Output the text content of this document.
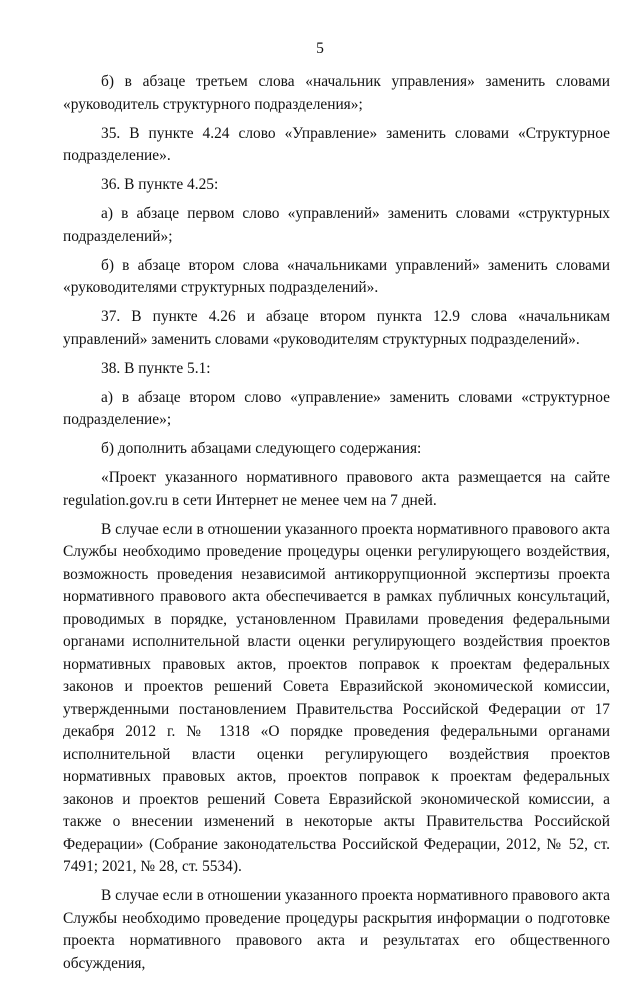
5

б) в абзаце третьем слова «начальник управления» заменить словами «руководитель структурного подразделения»;

35. В пункте 4.24 слово «Управление» заменить словами «Структурное подразделение».

36. В пункте 4.25:

а) в абзаце первом слово «управлений» заменить словами «структурных подразделений»;

б) в абзаце втором слова «начальниками управлений» заменить словами «руководителями структурных подразделений».

37. В пункте 4.26 и абзаце втором пункта 12.9 слова «начальникам управлений» заменить словами «руководителям структурных подразделений».

38. В пункте 5.1:

а) в абзаце втором слово «управление» заменить словами «структурное подразделение»;

б) дополнить абзацами следующего содержания:

«Проект указанного нормативного правового акта размещается на сайте regulation.gov.ru в сети Интернет не менее чем на 7 дней.

В случае если в отношении указанного проекта нормативного правового акта Службы необходимо проведение процедуры оценки регулирующего воздействия, возможность проведения независимой антикоррупционной экспертизы проекта нормативного правового акта обеспечивается в рамках публичных консультаций, проводимых в порядке, установленном Правилами проведения федеральными органами исполнительной власти оценки регулирующего воздействия проектов нормативных правовых актов, проектов поправок к проектам федеральных законов и проектов решений Совета Евразийской экономической комиссии, утвержденными постановлением Правительства Российской Федерации от 17 декабря 2012 г. № 1318 «О порядке проведения федеральными органами исполнительной власти оценки регулирующего воздействия проектов нормативных правовых актов, проектов поправок к проектам федеральных законов и проектов решений Совета Евразийской экономической комиссии, а также о внесении изменений в некоторые акты Правительства Российской Федерации» (Собрание законодательства Российской Федерации, 2012, № 52, ст. 7491; 2021, № 28, ст. 5534).

В случае если в отношении указанного проекта нормативного правового акта Службы необходимо проведение процедуры раскрытия информации о подготовке проекта нормативного правового акта и результатах его общественного обсуждения,
